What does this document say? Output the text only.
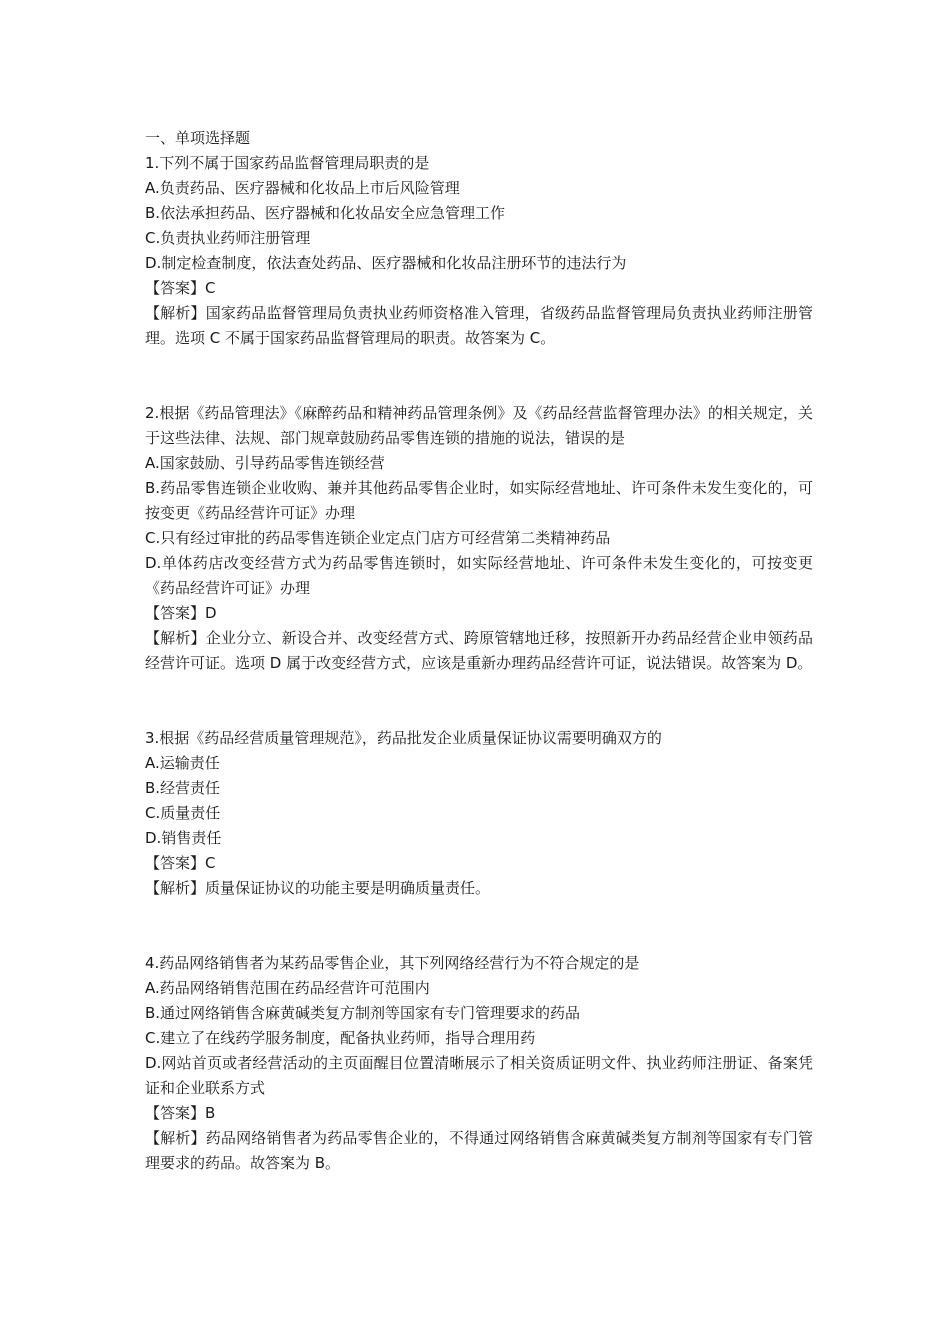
一、单项选择题
1.下列不属于国家药品监督管理局职责的是
A.负责药品、医疗器械和化妆品上市后风险管理
B.依法承担药品、医疗器械和化妆品安全应急管理工作
C.负责执业药师注册管理
D.制定检查制度，依法查处药品、医疗器械和化妆品注册环节的违法行为
【答案】C
【解析】国家药品监督管理局负责执业药师资格准入管理，省级药品监督管理局负责执业药师注册管理。选项 C 不属于国家药品监督管理局的职责。故答案为 C。
2.根据《药品管理法》《麻醉药品和精神药品管理条例》及《药品经营监督管理办法》的相关规定，关于这些法律、法规、部门规章鼓励药品零售连锁的措施的说法，错误的是
A.国家鼓励、引导药品零售连锁经营
B.药品零售连锁企业收购、兼并其他药品零售企业时，如实际经营地址、许可条件未发生变化的，可按变更《药品经营许可证》办理
C.只有经过审批的药品零售连锁企业定点门店方可经营第二类精神药品
D.单体药店改变经营方式为药品零售连锁时，如实际经营地址、许可条件未发生变化的，可按变更《药品经营许可证》办理
【答案】D
【解析】企业分立、新设合并、改变经营方式、跨原管辖地迁移，按照新开办药品经营企业申领药品经营许可证。选项 D 属于改变经营方式，应该是重新办理药品经营许可证，说法错误。故答案为 D。
3.根据《药品经营质量管理规范》，药品批发企业质量保证协议需要明确双方的
A.运输责任
B.经营责任
C.质量责任
D.销售责任
【答案】C
【解析】质量保证协议的功能主要是明确质量责任。
4.药品网络销售者为某药品零售企业，其下列网络经营行为不符合规定的是
A.药品网络销售范围在药品经营许可范围内
B.通过网络销售含麻黄碱类复方制剂等国家有专门管理要求的药品
C.建立了在线药学服务制度，配备执业药师，指导合理用药
D.网站首页或者经营活动的主页面醒目位置清晰展示了相关资质证明文件、执业药师注册证、备案凭证和企业联系方式
【答案】B
【解析】药品网络销售者为药品零售企业的，不得通过网络销售含麻黄碱类复方制剂等国家有专门管理要求的药品。故答案为 B。
